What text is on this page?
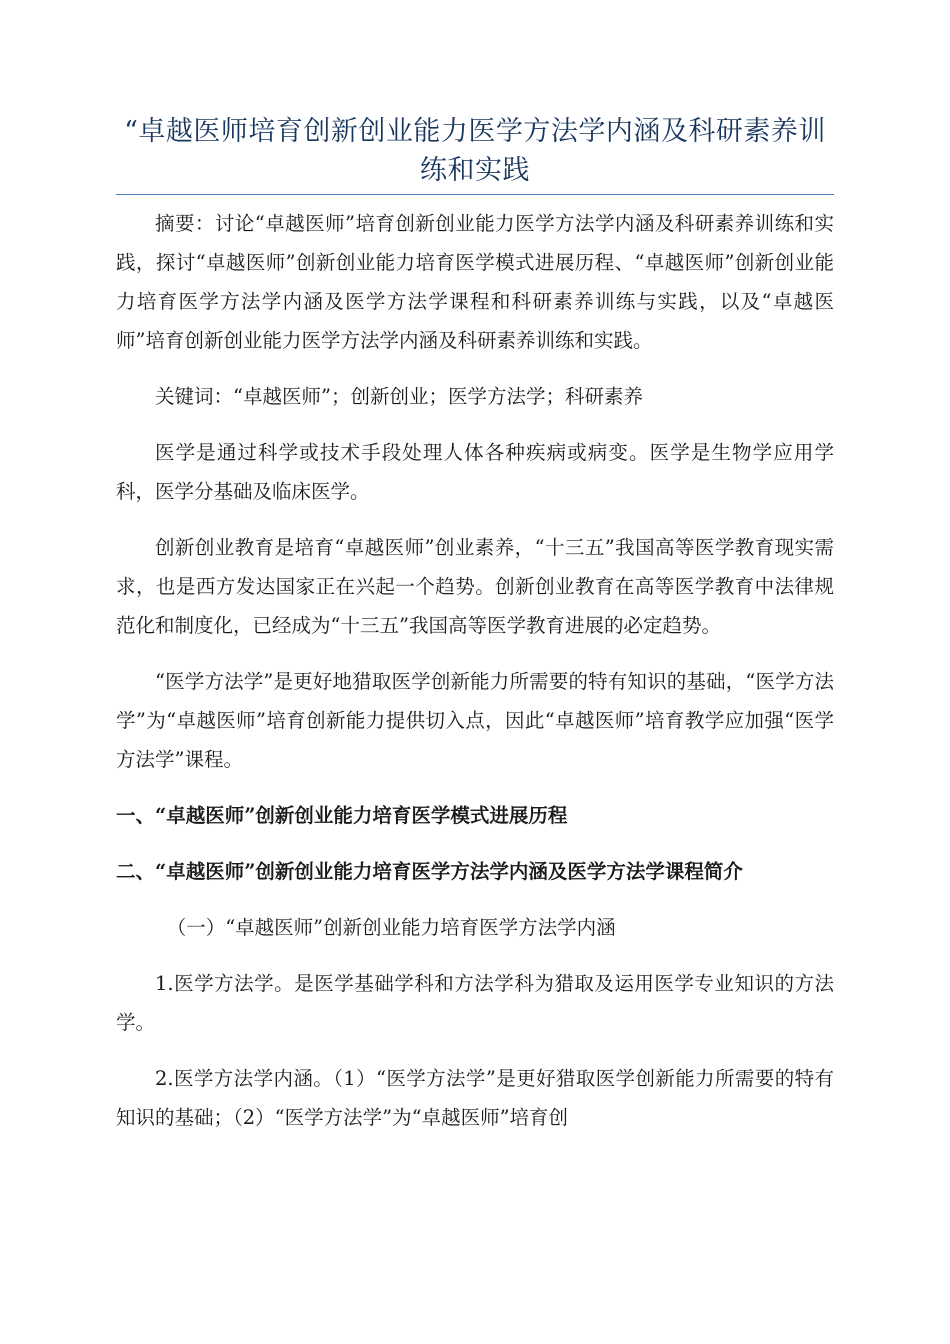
“卓越医师培育创新创业能力医学方法学内涵及科研素养训练和实践

摘要：讨论“卓越医师”培育创新创业能力医学方法学内涵及科研素养训练和实践，探讨“卓越医师”创新创业能力培育医学模式进展历程、“卓越医师”创新创业能力培育医学方法学内涵及医学方法学课程和科研素养训练与实践，以及“卓越医师”培育创新创业能力医学方法学内涵及科研素养训练和实践。

关键词：“卓越医师”；创新创业；医学方法学；科研素养

医学是通过科学或技术手段处理人体各种疾病或病变。医学是生物学应用学科，医学分基础及临床医学。

创新创业教育是培育“卓越医师”创业素养，“十三五”我国高等医学教育现实需求，也是西方发达国家正在兴起一个趋势。创新创业教育在高等医学教育中法律规范化和制度化，已经成为“十三五”我国高等医学教育进展的必定趋势。

“医学方法学”是更好地猎取医学创新能力所需要的特有知识的基础，“医学方法学”为“卓越医师”培育创新能力提供切入点，因此“卓越医师”培育教学应加强“医学方法学”课程。

一、“卓越医师”创新创业能力培育医学模式进展历程

二、“卓越医师”创新创业能力培育医学方法学内涵及医学方法学课程简介

（一）“卓越医师”创新创业能力培育医学方法学内涵

1.医学方法学。是医学基础学科和方法学科为猎取及运用医学专业知识的方法学。

2.医学方法学内涵。（1）“医学方法学”是更好猎取医学创新能力所需要的特有知识的基础；（2）“医学方法学”为“卓越医师”培育创
